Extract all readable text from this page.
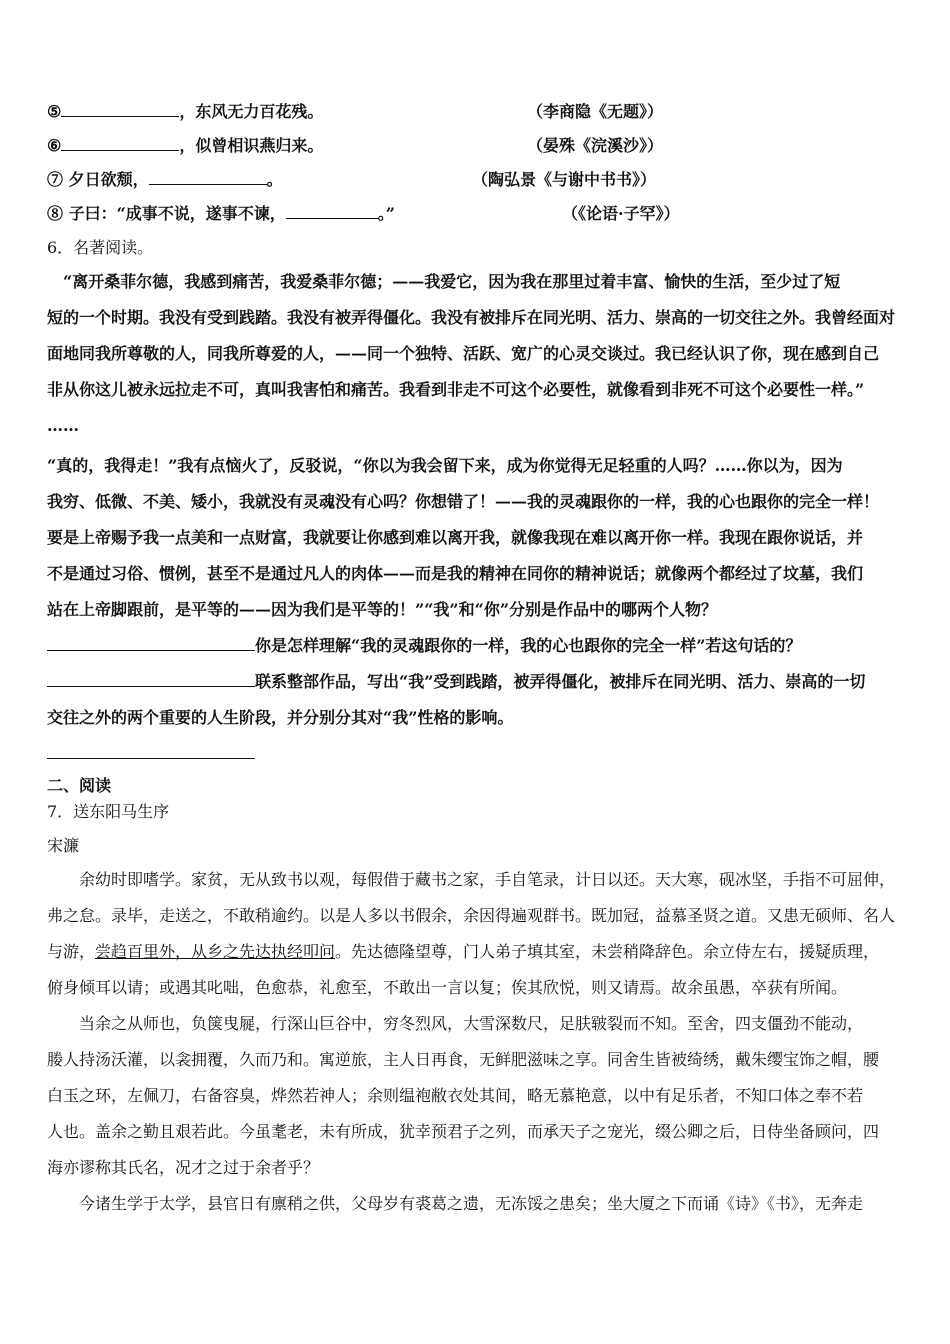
⑤	，东风无力百花残。	（李商隐《无题》）
⑥	，似曾相识燕归来。	（晏殊《浣溪沙》）
⑦ 夕日欲颓，	。	（陶弘景《与谢中书书》）
⑧ 子曰：“成事不说，遂事不谏，	。”	（《论语·子罕》）
6．名著阅读。
“离开桑菲尔德，我感到痛苦，我爱桑菲尔德；——我爱它，因为我在那里过着丰富、愉快的生活，至少过了短
短的一个时期。我没有受到践踏。我没有被弄得僵化。我没有被排斥在同光明、活力、崇高的一切交往之外。我曾经面对
面地同我所尊敬的人，同我所尊爱的人，——同一个独特、活跃、宽广的心灵交谈过。我已经认识了你，现在感到自己
非从你这儿被永远拉走不可，真叫我害怕和痛苦。我看到非走不可这个必要性，就像看到非死不可这个必要性一样。”
……
“真的，我得走！”我有点恼火了，反驳说，“你以为我会留下来，成为你觉得无足轻重的人吗？……你以为，因为
我穷、低微、不美、矮小，我就没有灵魂没有心吗？你想错了！——我的灵魂跟你的一样，我的心也跟你的完全一样！
要是上帝赐予我一点美和一点财富，我就要让你感到难以离开我，就像我现在难以离开你一样。我现在跟你说话，并
不是通过习俗、惯例，甚至不是通过凡人的肉体——而是我的精神在同你的精神说话；就像两个都经过了坟墓，我们
站在上帝脚跟前，是平等的——因为我们是平等的！”“我”和“你”分别是作品中的哪两个人物？
你是怎样理解“我的灵魂跟你的一样，我的心也跟你的完全一样”若这句话的？
联系整部作品，写出“我”受到践踏，被弄得僵化，被排斥在同光明、活力、崇高的一切
交往之外的两个重要的人生阶段，并分别分其对“我”性格的影响。
二、阅读
7．送东阳马生序
宋濂
余幼时即嗜学。家贫，无从致书以观，每假借于藏书之家，手自笔录，计日以还。天大寒，砚冰坚，手指不可屈伸，
弗之怠。录毕，走送之，不敢稍逾约。以是人多以书假余，余因得遍观群书。既加冠，益慕圣贤之道。又患无硕师、名人
与游，尝趋百里外，从乡之先达执经叩问。先达德隆望尊，门人弟子填其室，未尝稍降辞色。余立侍左右，援疑质理，
俯身倾耳以请；或遇其叱咄，色愈恭，礼愈至，不敢出一言以复；俟其欣悦，则又请焉。故余虽愚，卒获有所闻。
当余之从师也，负箧曳屣，行深山巨谷中，穷冬烈风，大雪深数尺，足肤皲裂而不知。至舍，四支僵劲不能动，
媵人持汤沃灌，以衾拥覆，久而乃和。寓逆旅，主人日再食，无鲜肥滋味之享。同舍生皆被绮绣，戴朱缨宝饰之帽，腰
白玉之环，左佩刀，右备容臭，烨然若神人；余则缊袍敝衣处其间，略无慕艳意，以中有足乐者，不知口体之奉不若
人也。盖余之勤且艰若此。今虽耄老，未有所成，犹幸预君子之列，而承天子之宠光，缀公卿之后，日侍坐备顾问，四
海亦谬称其氏名，况才之过于余者乎？
今诸生学于太学，县官日有廪稍之供，父母岁有裘葛之遗，无冻馁之患矣；坐大厦之下而诵《诗》《书》，无奔走
